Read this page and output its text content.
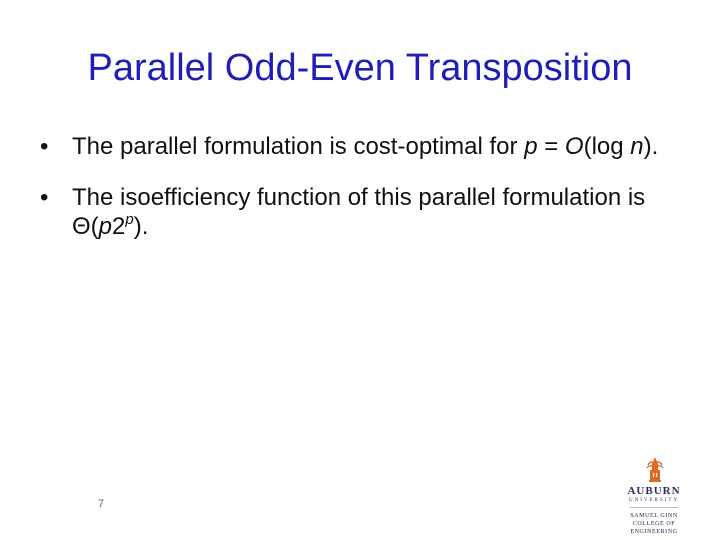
Parallel Odd-Even Transposition
• The parallel formulation is cost-optimal for p = O(log n).
• The isoefficiency function of this parallel formulation is Θ(p2$^p$).
7
AUBURN
UNIVERSITY
SAMUEL GINN
COLLEGE OF ENGINEERING
